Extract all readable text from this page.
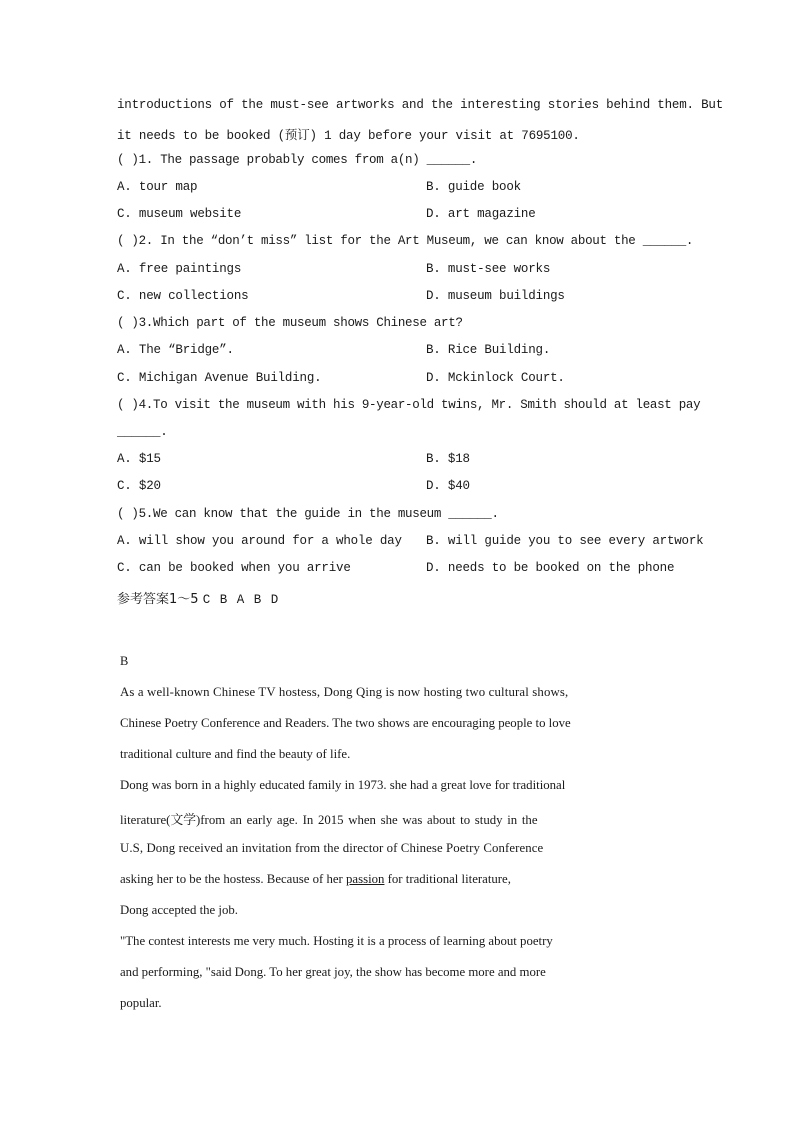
introductions of the must-see artworks and the interesting stories behind them. But
it needs to be booked (预订) 1 day before your visit at 7695100.
( )1. The passage probably comes from a(n) ______.
A. tour map	B. guide book
C. museum website	D. art magazine
( )2. In the “don’t miss” list for the Art Museum, we can know about the ______.
A. free paintings	B. must-see works
C. new collections	D. museum buildings
( )3.Which part of the museum shows Chinese art?
A. The “Bridge”.	B. Rice Building.
C. Michigan Avenue Building.	D. Mckinlock Court.
( )4.To visit the museum with his 9-year-old twins, Mr. Smith should at least pay
______.
A. $15	B. $18
C. $20	D. $40
( )5.We can know that the guide in the museum ______.
A. will show you around for a whole day B. will guide you to see every artwork
C. can be booked when you arrive	D. needs to be booked on the phone
参考答案1～5 C B A B D
B
As a well-known Chinese TV hostess, Dong Qing is now hosting two cultural shows,
Chinese Poetry Conference and Readers. The two shows are encouraging people to love
traditional culture and find the beauty of life.
Dong was born in a highly educated family in 1973. she had a great love for traditional
literature(文学)from an early age. In 2015 when she was about to study in the
U.S, Dong received an invitation from the director of Chinese Poetry Conference
asking her to be the hostess. Because of her passion for traditional literature,
Dong accepted the job.
"The contest interests me very much. Hosting it is a process of learning about poetry
and performing, "said Dong. To her great joy, the show has become more and more
popular.
